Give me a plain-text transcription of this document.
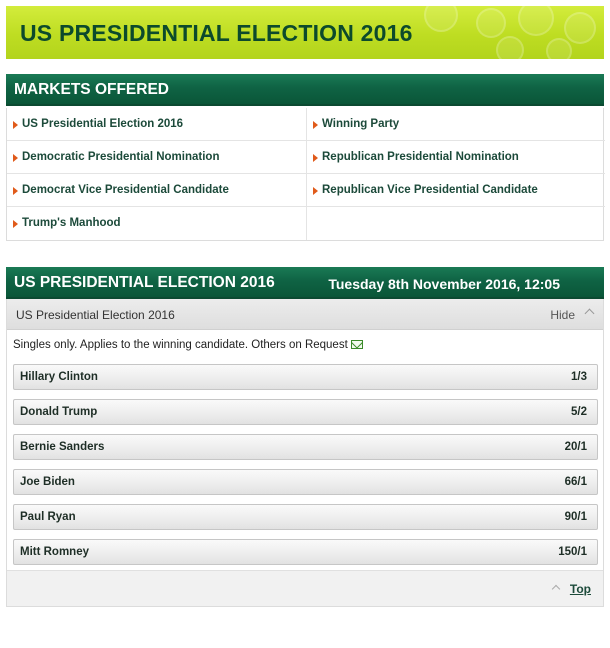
US PRESIDENTIAL ELECTION 2016
MARKETS OFFERED
US Presidential Election 2016	Winning Party
Democratic Presidential Nomination	Republican Presidential Nomination
Democrat Vice Presidential Candidate	Republican Vice Presidential Candidate
Trump's Manhood
US PRESIDENTIAL ELECTION 2016	Tuesday 8th November 2016, 12:05
US Presidential Election 2016	Hide
Singles only. Applies to the winning candidate. Others on Request
Hillary Clinton	1/3
Donald Trump	5/2
Bernie Sanders	20/1
Joe Biden	66/1
Paul Ryan	90/1
Mitt Romney	150/1
Top
